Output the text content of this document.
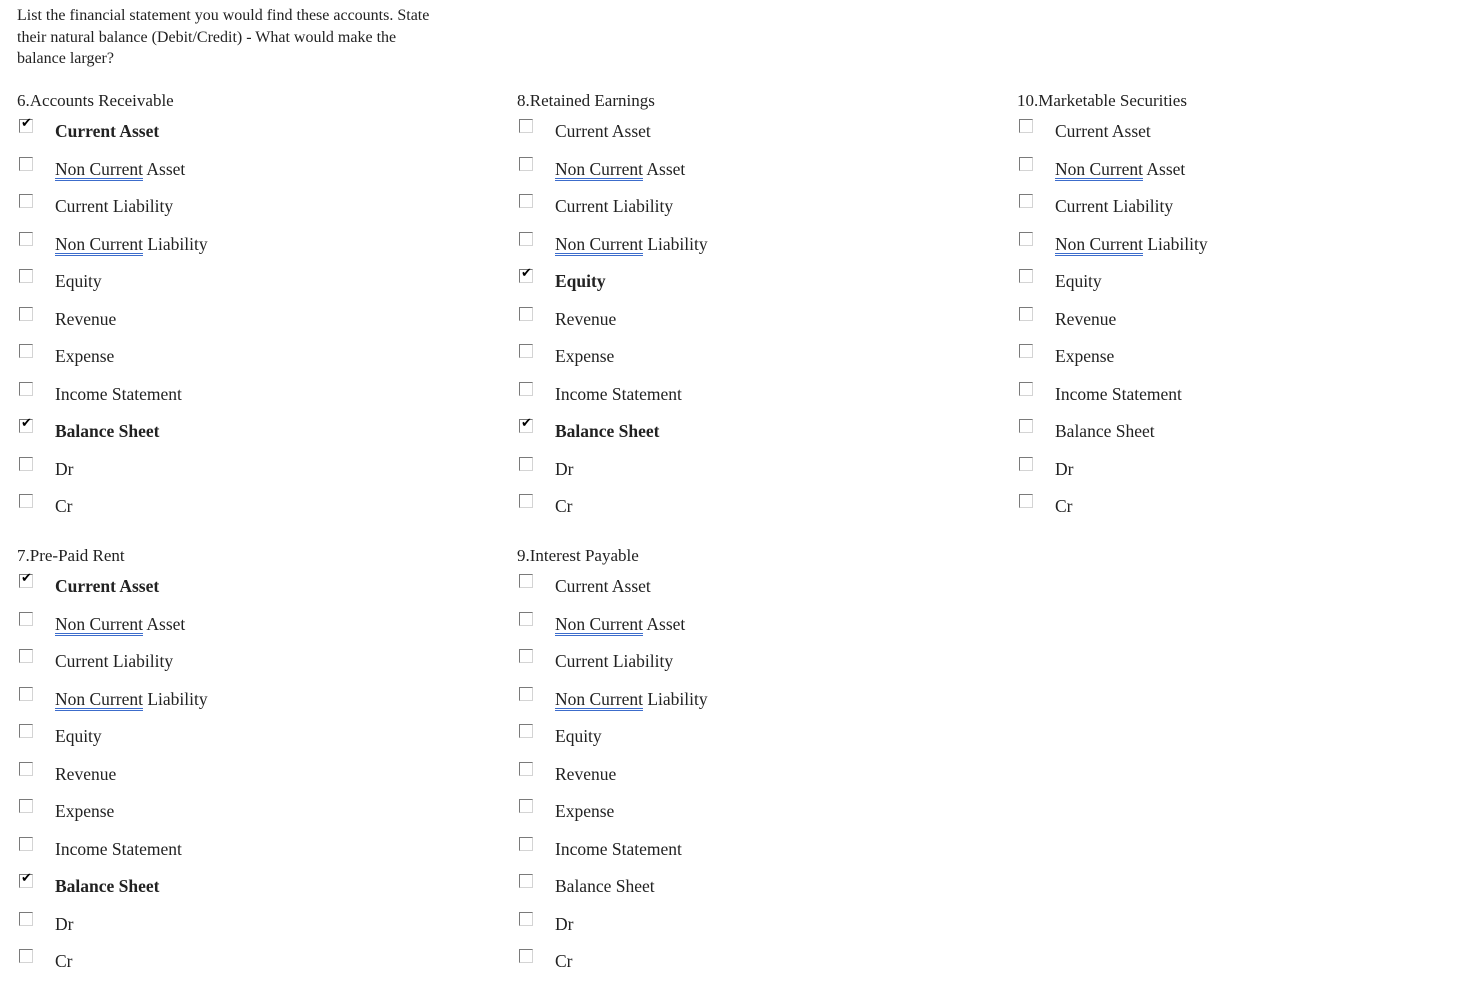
List the financial statement you would find these accounts. State their natural balance (Debit/Credit) - What would make the balance larger?

6.Accounts Receivable
✔ Current Asset
Non Current Asset
Current Liability
Non Current Liability
Equity
Revenue
Expense
Income Statement
✔ Balance Sheet
Dr
Cr
8.Retained Earnings
Current Asset
Non Current Asset
Current Liability
Non Current Liability
✔ Equity
Revenue
Expense
Income Statement
✔ Balance Sheet
Dr
Cr
10.Marketable Securities
Current Asset
Non Current Asset
Current Liability
Non Current Liability
Equity
Revenue
Expense
Income Statement
Balance Sheet
Dr
Cr
7.Pre-Paid Rent
✔ Current Asset
Non Current Asset
Current Liability
Non Current Liability
Equity
Revenue
Expense
Income Statement
✔ Balance Sheet
Dr
Cr
9.Interest Payable
Current Asset
Non Current Asset
Current Liability
Non Current Liability
Equity
Revenue
Expense
Income Statement
Balance Sheet
Dr
Cr
